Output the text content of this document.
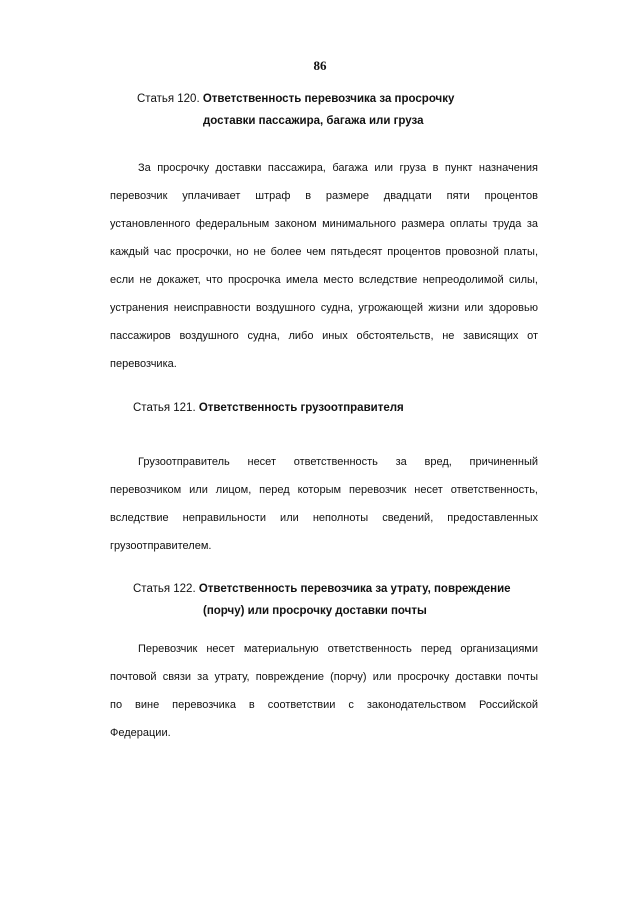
86
Статья 120. Ответственность перевозчика за просрочку
доставки пассажира, багажа или груза
За просрочку доставки пассажира, багажа или груза в пункт назначения
перевозчик уплачивает штраф в размере двадцати пяти процентов
установленного федеральным законом минимального размера оплаты труда за
каждый час просрочки, но не более чем пятьдесят процентов провозной платы,
если не докажет, что просрочка имела место вследствие непреодолимой силы,
устранения неисправности воздушного судна, угрожающей жизни или здоровью
пассажиров воздушного судна, либо иных обстоятельств, не зависящих от
перевозчика.
Статья 121. Ответственность грузоотправителя
Грузоотправитель несет ответственность за вред, причиненный
перевозчиком или лицом, перед которым перевозчик несет ответственность,
вследствие неправильности или неполноты сведений, предоставленных
грузоотправителем.
Статья 122. Ответственность перевозчика за утрату, повреждение
(порчу) или просрочку доставки почты
Перевозчик несет материальную ответственность перед организациями
почтовой связи за утрату, повреждение (порчу) или просрочку доставки почты
по вине перевозчика в соответствии с законодательством Российской
Федерации.
